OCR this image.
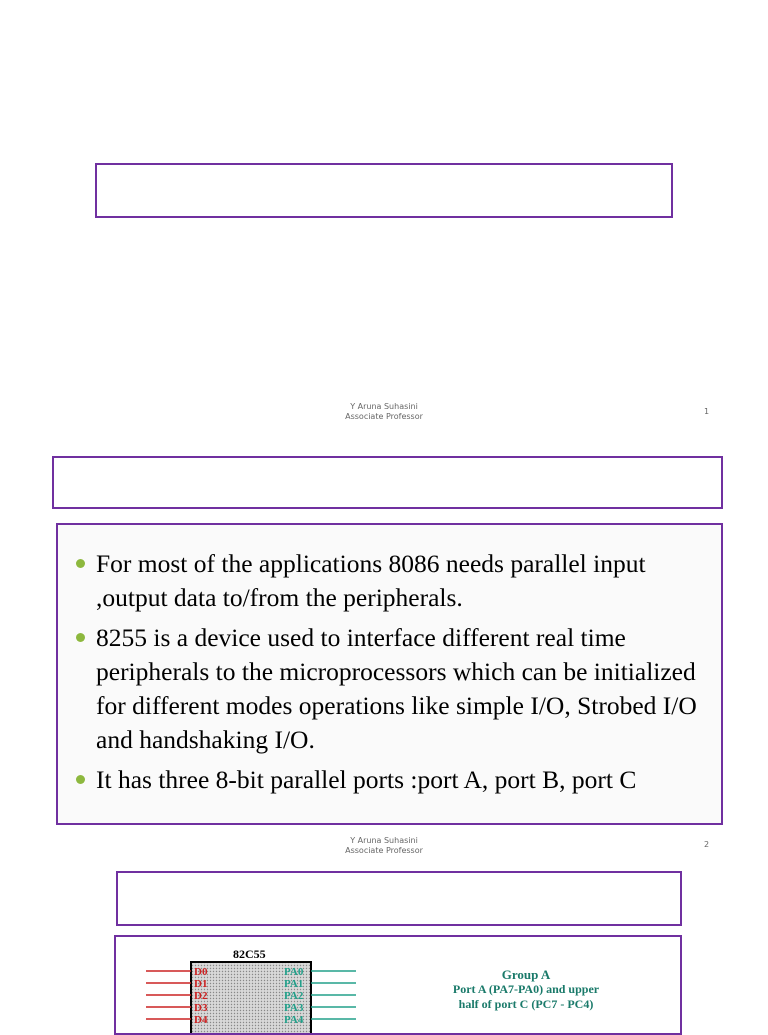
Y Aruna Suhasini
Associate Professor
1
For most of the applications 8086 needs parallel input ,output data to/from the peripherals.
8255 is a device used to interface different real time peripherals to the microprocessors which can be initialized for different modes operations like simple I/O, Strobed I/O and handshaking I/O.
It has three 8-bit parallel ports :port A, port B, port C
Y Aruna Suhasini
Associate Professor
2
82C55
D0
D1
D2
D3
D4
PA0
PA1
PA2
PA3
PA4
Group A
Port A (PA7-PA0) and upper
half of port C (PC7 - PC4)
